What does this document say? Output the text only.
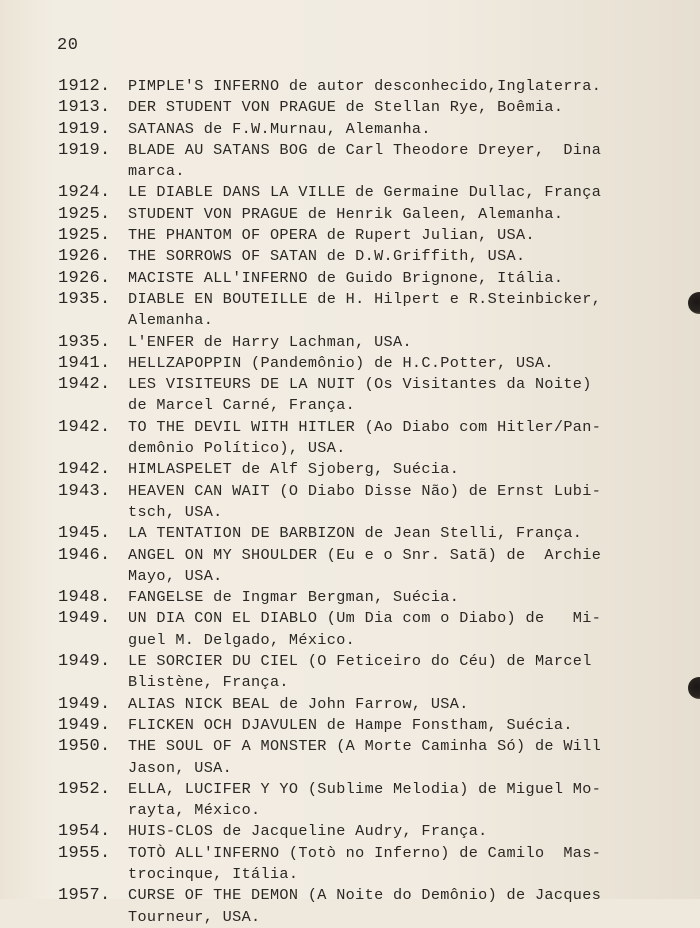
20
1912.	PIMPLE'S INFERNO de autor desconhecido,Inglaterra.
1913.	DER STUDENT VON PRAGUE de Stellan Rye, Boêmia.
1919.	SATANAS de F.W.Murnau, Alemanha.
1919.	BLADE AU SATANS BOG de Carl Theodore Dreyer,  Dina
marca.
1924.	LE DIABLE DANS LA VILLE de Germaine Dullac, França
1925.	STUDENT VON PRAGUE de Henrik Galeen, Alemanha.
1925.	THE PHANTOM OF OPERA de Rupert Julian, USA.
1926.	THE SORROWS OF SATAN de D.W.Griffith, USA.
1926.	MACISTE ALL'INFERNO de Guido Brignone, Itália.
1935.	DIABLE EN BOUTEILLE de H. Hilpert e R.Steinbicker,
Alemanha.
1935.	L'ENFER de Harry Lachman, USA.
1941.	HELLZAPOPPIN (Pandemônio) de H.C.Potter, USA.
1942.	LES VISITEURS DE LA NUIT (Os Visitantes da Noite)
de Marcel Carné, França.
1942.	TO THE DEVIL WITH HITLER (Ao Diabo com Hitler/Pan-
demônio Político), USA.
1942.	HIMLASPELET de Alf Sjoberg, Suécia.
1943.	HEAVEN CAN WAIT (O Diabo Disse Não) de Ernst Lubi-
tsch, USA.
1945.	LA TENTATION DE BARBIZON de Jean Stelli, França.
1946.	ANGEL ON MY SHOULDER (Eu e o Snr. Satã) de  Archie
Mayo, USA.
1948.	FANGELSE de Ingmar Bergman, Suécia.
1949.	UN DIA CON EL DIABLO (Um Dia com o Diabo) de   Mi-
guel M. Delgado, México.
1949.	LE SORCIER DU CIEL (O Feticeiro do Céu) de Marcel
Blistène, França.
1949.	ALIAS NICK BEAL de John Farrow, USA.
1949.	FLICKEN OCH DJAVULEN de Hampe Fonstham, Suécia.
1950.	THE SOUL OF A MONSTER (A Morte Caminha Só) de Will
Jason, USA.
1952.	ELLA, LUCIFER Y YO (Sublime Melodia) de Miguel Mo-
rayta, México.
1954.	HUIS-CLOS de Jacqueline Audry, França.
1955.	TOTÒ ALL'INFERNO (Totò no Inferno) de Camilo  Mas-
trocinque, Itália.
1957.	CURSE OF THE DEMON (A Noite do Demônio) de Jacques
Tourneur, USA.
